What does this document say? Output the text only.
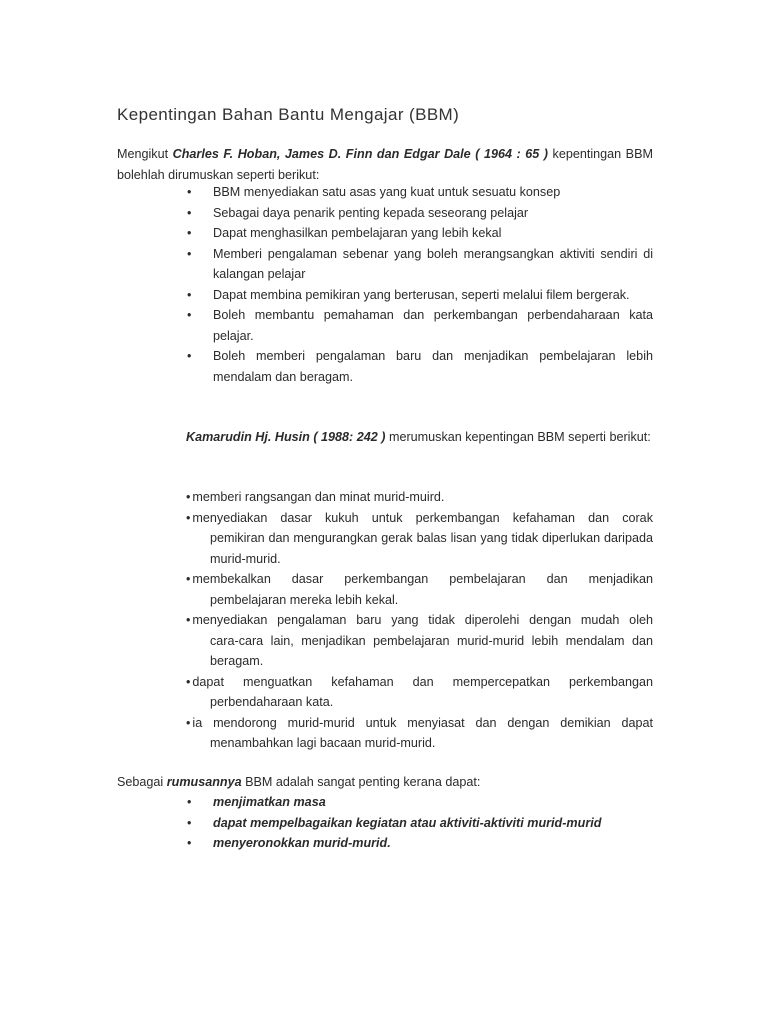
Kepentingan Bahan Bantu Mengajar (BBM)

Mengikut Charles F. Hoban, James D. Finn dan Edgar Dale ( 1964 : 65 ) kepentingan BBM

bolehlah dirumuskan seperti berikut:

•	BBM menyediakan satu asas yang kuat untuk sesuatu konsep
•	Sebagai daya penarik penting kepada seseorang pelajar
•	Dapat menghasilkan pembelajaran yang lebih kekal
•	Memberi pengalaman sebenar yang boleh merangsangkan aktiviti sendiri di kalangan pelajar
•	Dapat membina pemikiran yang berterusan, seperti melalui filem bergerak.
•	Boleh membantu pemahaman dan perkembangan perbendaharaan kata pelajar.
•	Boleh memberi pengalaman baru dan menjadikan pembelajaran lebih mendalam dan beragam.

Kamarudin Hj. Husin ( 1988: 242 ) merumuskan kepentingan BBM seperti berikut:

• memberi rangsangan dan minat murid-muird.
• menyediakan dasar kukuh untuk perkembangan kefahaman dan corak
pemikiran dan mengurangkan gerak balas lisan yang tidak diperlukan daripada murid-murid.
• membekalkan dasar perkembangan pembelajaran dan menjadikan
pembelajaran mereka lebih kekal.
• menyediakan pengalaman baru yang tidak diperolehi dengan mudah oleh
cara-cara lain, menjadikan pembelajaran murid-murid lebih mendalam dan beragam.
• dapat menguatkan kefahaman dan mempercepatkan perkembangan
perbendaharaan kata.
• ia mendorong murid-murid untuk menyiasat dan dengan demikian dapat
menambahkan lagi bacaan murid-murid.

Sebagai rumusannya BBM adalah sangat penting kerana dapat:

•	menjimatkan masa
•	dapat mempelbagaikan kegiatan atau aktiviti-aktiviti murid-murid
•	menyeronokkan murid-murid.
